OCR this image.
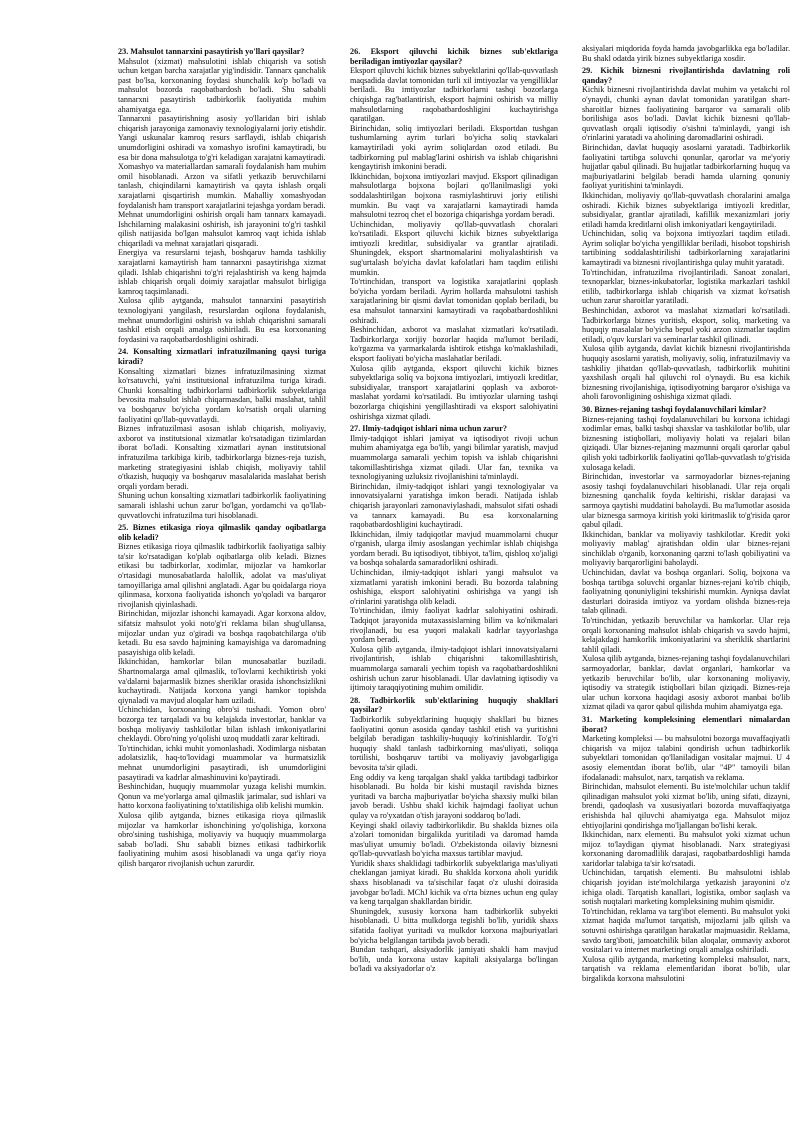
23. Mahsulot tannarxini pasaytirish yo'llari qaysilar?

Mahsulot (xizmat) mahsulotini ishlab chiqarish va sotish uchun ketgan barcha xarajatlar yig'indisidir. Tannarx qanchalik past bo'lsa, korxonaning foydasi shunchalik ko'p bo'ladi va mahsulot bozorda raqobatbardosh bo'ladi. Shu sababli tannarxni pasaytirish tadbirkorlik faoliyatida muhim ahamiyatga ega.

Tannarxni pasaytirishning asosiy yo'llaridan biri ishlab chiqarish jarayoniga zamonaviy texnologiyalarni joriy etishdir. Yangi uskunalar kamroq resurs sarflaydi, ishlab chiqarish unumdorligini oshiradi va xomashyo isrofini kamaytiradi, bu esa bir dona mahsulotga to'g'ri keladigan xarajatni kamaytiradi.

Xomashyo va materiallardan samarali foydalanish ham muhim omil hisoblanadi. Arzon va sifatli yetkazib beruvchilarni tanlash, chiqindilarni kamaytirish va qayta ishlash orqali xarajatlarni qisqartirish mumkin. Mahalliy xomashyodan foydalanish ham transport xarajatlarini tejashga yordam beradi.

Mehnat unumdorligini oshirish orqali ham tannarx kamayadi. Ishchilarning malakasini oshirish, ish jarayonini to'g'ri tashkil qilish natijasida bo'lgan mahsulot kamroq vaqt ichida ishlab chiqariladi va mehnat xarajatlari qisqaradi.

Energiya va resurslarni tejash, boshqaruv hamda tashkiliy xarajatlarni kamaytirish ham tannarxni pasaytirishga xizmat qiladi. Ishlab chiqarishni to'g'ri rejalashtirish va keng hajmda ishlab chiqarish orqali doimiy xarajatlar mahsulot birligiga kamroq taqsimlanadi.

Xulosa qilib aytganda, mahsulot tannarxini pasaytirish texnologiyani yangilash, resurslardan oqilona foydalanish, mehnat unumdorligini oshirish va ishlab chiqarishni samarali tashkil etish orqali amalga oshiriladi. Bu esa korxonaning foydasini va raqobatbardoshligini oshiradi.

24. Konsalting xizmatlari infratuzilmaning qaysi turiga kiradi?

Konsalting xizmatlari biznes infratuzilmasining xizmat ko'rsatuvchi, ya'ni institutsional infratuzilma turiga kiradi. Chunki konsalting tadbirkorlarni tadbirkorlik subyektlariga bevosita mahsulot ishlab chiqarmasdan, balki maslahat, tahlil va boshqaruv bo'yicha yordam ko'rsatish orqali ularning faoliyatini qo'llab-quvvatlaydi.

Biznes infratuzilmasi asosan ishlab chiqarish, moliyaviy, axborot va institutsional xizmatlar ko'rsatadigan tizimlardan iborat bo'ladi. Konsalting xizmatlari aynan institutsional infratuzilma tarkibiga kirib, tadbirkorlarga biznes-reja tuzish, marketing strategiyasini ishlab chiqish, moliyaviy tahlil o'tkazish, huquqiy va boshqaruv masalalarida maslahat berish orqali yordam beradi.

Shuning uchun konsalting xizmatlari tadbirkorlik faoliyatining samarali ishlashi uchun zarur bo'lgan, yordamchi va qo'llab-quvvatlovchi infratuzilma turi hisoblanadi.

25. Biznes etikasiga rioya qilmaslik qanday oqibatlarga olib keladi?

Biznes etikasiga rioya qilmaslik tadbirkorlik faoliyatiga salbiy ta'sir ko'rsatadigan ko'plab oqibatlarga olib keladi. Biznes etikasi bu tadbirkorlar, xodimlar, mijozlar va hamkorlar o'rtasidagi munosabatlarda halollik, adolat va mas'uliyat tamoyillariga amal qilishni anglatadi. Agar bu qoidalarga rioya qilinmasa, korxona faoliyatida ishonch yo'qoladi va barqaror rivojlanish qiyinlashadi.

Birinchidan, mijozlar ishonchi kamayadi. Agar korxona aldov, sifatsiz mahsulot yoki noto'g'ri reklama bilan shug'ullansa, mijozlar undan yuz o'giradi va boshqa raqobatchilarga o'tib ketadi. Bu esa savdo hajmining kamayishiga va daromadning pasayishiga olib keladi.

Ikkinchidan, hamkorlar bilan munosabatlar buziladi. Shartnomalarga amal qilmaslik, to'lovlarni kechiktirish yoki va'dalarni bajarmaslik biznes sheriklar orasida ishonchsizlikni kuchaytiradi. Natijada korxona yangi hamkor topishda qiynaladi va mavjud aloqalar ham uziladi.

Uchinchidan, korxonaning obro'si tushadi. Yomon obro' bozorga tez tarqaladi va bu kelajakda investorlar, banklar va boshqa moliyaviy tashkilotlar bilan ishlash imkoniyatlarini cheklaydi. Obro'ning yo'qolishi uzoq muddatli zarar keltiradi.

To'rtinchidan, ichki muhit yomonlashadi. Xodimlarga nisbatan adolatsizlik, haq-to'lovidagi muammolar va hurmatsizlik mehnat unumdorligini pasaytiradi, ish unumdorligini pasaytiradi va kadrlar almashinuvini ko'paytiradi.

Beshinchidan, huquqiy muammolar yuzaga kelishi mumkin. Qonun va me'yorlarga amal qilmaslik jarimalar, sud ishlari va hatto korxona faoliyatining to'xtatilishiga olib kelishi mumkin.

Xulosa qilib aytganda, biznes etikasiga rioya qilmaslik mijozlar va hamkorlar ishonchining yo'qolishiga, korxona obro'sining tushishiga, moliyaviy va huquqiy muammolarga sabab bo'ladi. Shu sababli biznes etikasi tadbirkorlik faoliyatining muhim asosi hisoblanadi va unga qat'iy rioya qilish barqaror rivojlanish uchun zarurdir.

26. Eksport qiluvchi kichik biznes sub'ektlariga beriladigan imtiyozlar qaysilar?

Eksport qiluvchi kichik biznes subyektlarini qo'llab-quvvatlash maqsadida davlat tomonidan turli xil imtiyozlar va yengilliklar beriladi. Bu imtiyozlar tadbirkorlarni tashqi bozorlarga chiqishga rag'batlantirish, eksport hajmini oshirish va milliy mahsulotlarning raqobatbardoshligini kuchaytirishga qaratilgan.

Birinchidan, soliq imtiyozlari beriladi. Eksportdan tushgan tushumlarning ayrim turlari bo'yicha soliq stavkalari kamaytiriladi yoki ayrim soliqlardan ozod etiladi. Bu tadbirkorning pul mablag'larini oshirish va ishlab chiqarishni kengaytirish imkonini beradi.

Ikkinchidan, bojxona imtiyozlari mavjud. Eksport qilinadigan mahsulotlarga bojxona bojlari qo'llanilmasligi yoki soddalashtirilgan bojxona rasmiylashtiruvi joriy etilishi mumkin. Bu vaqt va xarajatlarni kamaytiradi hamda mahsulotni tezroq chet el bozoriga chiqarishga yordam beradi.

Uchinchidan, moliyaviy qo'llab-quvvatlash choralari ko'rsatiladi. Eksport qiluvchi kichik biznes subyektlariga imtiyozli kreditlar, subsidiyalar va grantlar ajratiladi. Shuningdek, eksport shartnomalarini moliyalashtirish va sug'urtalash bo'yicha davlat kafolatlari ham taqdim etilishi mumkin.

To'rtinchidan, transport va logistika xarajatlarini qoplash bo'yicha yordam beriladi. Ayrim hollarda mahsulotni tashish xarajatlarining bir qismi davlat tomonidan qoplab beriladi, bu esa mahsulot tannarxini kamaytiradi va raqobatbardoshlikni oshiradi.

Beshinchidan, axborot va maslahat xizmatlari ko'rsatiladi. Tadbirkorlarga xorijiy bozorlar haqida ma'lumot beriladi, ko'rgazma va yarmarkalarda ishtirok etishga ko'maklashiladi, eksport faoliyati bo'yicha maslahatlar beriladi.

Xulosa qilib aytganda, eksport qiluvchi kichik biznes subyektlariga soliq va bojxona imtiyozlari, imtiyozli kreditlar, subsidiyalar, transport xarajatlarini qoplash va axborot-maslahat yordami ko'rsatiladi. Bu imtiyozlar ularning tashqi bozorlarga chiqishini yengillashtiradi va eksport salohiyatini oshirishga xizmat qiladi.

27. Ilmiy-tadqiqot ishlari nima uchun zarur?

Ilmiy-tadqiqot ishlari jamiyat va iqtisodiyot rivoji uchun muhim ahamiyatga ega bo'lib, yangi bilimlar yaratish, mavjud muammolarga samarali yechim topish va ishlab chiqarishni takomillashtirishga xizmat qiladi. Ular fan, texnika va texnologiyaning uzluksiz rivojlanishini ta'minlaydi.

Birinchidan, ilmiy-tadqiqot ishlari yangi texnologiyalar va innovatsiyalarni yaratishga imkon beradi. Natijada ishlab chiqarish jarayonlari zamonaviylashadi, mahsulot sifati oshadi va tannarx kamayadi. Bu esa korxonalarning raqobatbardoshligini kuchaytiradi.

Ikkinchidan, ilmiy tadqiqotlar mavjud muammolarni chuqur o'rganish, ularga ilmiy asoslangan yechimlar ishlab chiqishga yordam beradi. Bu iqtisodiyot, tibbiyot, ta'lim, qishloq xo'jaligi va boshqa sohalarda samaradorlikni oshiradi.

Uchinchidan, ilmiy-tadqiqot ishlari yangi mahsulot va xizmatlarni yaratish imkonini beradi. Bu bozorda talabning oshishiga, eksport salohiyatini oshirishga va yangi ish o'rinlarini yaratishga olib keladi.

To'rtinchidan, ilmiy faoliyat kadrlar salohiyatini oshiradi. Tadqiqot jarayonida mutaxassislarning bilim va ko'nikmalari rivojlanadi, bu esa yuqori malakali kadrlar tayyorlashga yordam beradi.

Xulosa qilib aytganda, ilmiy-tadqiqot ishlari innovatsiyalarni rivojlantirish, ishlab chiqarishni takomillashtirish, muammolarga samarali yechim topish va raqobatbardoshlikni oshirish uchun zarur hisoblanadi. Ular davlatning iqtisodiy va ijtimoiy taraqqiyotining muhim omilidir.

28. Tadbirkorlik sub'ektlarining huquqiy shakllari qaysilar?

Tadbirkorlik subyektlarining huquqiy shakllari bu biznes faoliyatini qonun asosida qanday tashkil etish va yuritishni belgilab beradigan tashkiliy-huquqiy ko'rinishlardir. To'g'ri huquqiy shakl tanlash tadbirkorning mas'uliyati, soliqqa tortilishi, boshqaruv tartibi va moliyaviy javobgarligiga bevosita ta'sir qiladi.

Eng oddiy va keng tarqalgan shakl yakka tartibdagi tadbirkor hisoblanadi. Bu holda bir kishi mustaqil ravishda biznes yuritadi va barcha majburiyatlar bo'yicha shaxsiy mulki bilan javob beradi. Ushbu shakl kichik hajmdagi faoliyat uchun qulay va ro'yxatdan o'tish jarayoni soddaroq bo'ladi.

Keyingi shakl oilaviy tadbirkorlikdir. Bu shaklda biznes oila a'zolari tomonidan birgalikda yuritiladi va daromad hamda mas'uliyat umumiy bo'ladi. O'zbekistonda oilaviy biznesni qo'llab-quvvatlash bo'yicha maxsus tartiblar mavjud.

Yuridik shaxs shaklidagi tadbirkorlik subyektlariga mas'uliyati cheklangan jamiyat kiradi. Bu shaklda korxona aholi yuridik shaxs hisoblanadi va ta'sischilar faqat o'z ulushi doirasida javobgar bo'ladi. MChJ kichik va o'rta biznes uchun eng qulay va keng tarqalgan shakllardan biridir.

Shuningdek, xususiy korxona ham tadbirkorlik subyekti hisoblanadi. U bitta mulkdorga tegishli bo'lib, yuridik shaxs sifatida faoliyat yuritadi va mulkdor korxona majburiyatlari bo'yicha belgilangan tartibda javob beradi.

Bundan tashqari, aksiyadorlik jamiyati shakli ham mavjud bo'lib, unda korxona ustav kapitali aksiyalarga bo'lingan bo'ladi va aksiyadorlar o'z

aksiyalari miqdorida foyda hamda javobgarlikka ega bo'ladilar. Bu shakl odatda yirik biznes subyektlariga xosdir.

29. Kichik biznesni rivojlantirishda davlatning roli qanday?

Kichik biznesni rivojlantirishda davlat muhim va yetakchi rol o'ynaydi, chunki aynan davlat tomonidan yaratilgan shart-sharoitlar biznes faoliyatining barqaror va samarali olib borilishiga asos bo'ladi. Davlat kichik biznesni qo'llab-quvvatlash orqali iqtisodiy o'sishni ta'minlaydi, yangi ish o'rinlarini yaratadi va aholining daromadlarini oshiradi.

Birinchidan, davlat huquqiy asoslarni yaratadi. Tadbirkorlik faoliyatini tartibga soluvchi qonunlar, qarorlar va me'yoriy hujjatlar qabul qilinadi. Bu hujjatlar tadbirkorlarning huquq va majburiyatlarini belgilab beradi hamda ularning qonuniy faoliyat yuritishini ta'minlaydi.

Ikkinchidan, moliyaviy qo'llab-quvvatlash choralarini amalga oshiradi. Kichik biznes subyektlariga imtiyozli kreditlar, subsidiyalar, grantlar ajratiladi, kafillik mexanizmlari joriy etiladi hamda kreditlarni olish imkoniyatlari kengaytiriladi.

Uchinchidan, soliq va bojxona imtiyozlari taqdim etiladi. Ayrim soliqlar bo'yicha yengilliklar beriladi, hisobot topshirish tartibining soddalashtirilishi tadbirkorlarning xarajatlarini kamaytiradi va biznesni rivojlantirishga qulay muhit yaratadi.

To'rtinchidan, infratuzilma rivojlantiriladi. Sanoat zonalari, texnoparklar, biznes-inkubatorlar, logistika markazlari tashkil etilib, tadbirkorlarga ishlab chiqarish va xizmat ko'rsatish uchun zarur sharoitlar yaratiladi.

Beshinchidan, axborot va maslahat xizmatlari ko'rsatiladi. Tadbirkorlarga biznes yuritish, eksport, soliq, marketing va huquqiy masalalar bo'yicha bepul yoki arzon xizmatlar taqdim etiladi, o'quv kurslari va seminarlar tashkil qilinadi.

Xulosa qilib aytganda, davlat kichik biznesni rivojlantirishda huquqiy asoslarni yaratish, moliyaviy, soliq, infratuzilmaviy va tashkiliy jihatdan qo'llab-quvvatlash, tadbirkorlik muhitini yaxshilash orqali hal qiluvchi rol o'ynaydi. Bu esa kichik biznesning rivojlanishiga, iqtisodiyotning barqaror o'sishiga va aholi farovonligining oshishiga xizmat qiladi.

30. Biznes-rejaning tashqi foydalanuvchilari kimlar?

Biznes-rejaning tashqi foydalanuvchilari bu korxona ichidagi xodimlar emas, balki tashqi shaxslar va tashkilotlar bo'lib, ular biznesning istiqbollari, moliyaviy holati va rejalari bilan qiziqadi. Ular biznes-rejaning mazmunni orqali qarorlar qabul qilish yoki tadbirkorlik faoliyatini qo'llab-quvvatlash to'g'risida xulosaga keladi.

Birinchidan, investorlar va sarmoyadorlar biznes-rejaning asosiy tashqi foydalanuvchilari hisoblanadi. Ular reja orqali biznesning qanchalik foyda keltirishi, risklar darajasi va sarmoya qaytishi muddatini baholaydi. Bu ma'lumotlar asosida ular biznesga sarmoya kiritish yoki kiritmaslik to'g'risida qaror qabul qiladi.

Ikkinchidan, banklar va moliyaviy tashkilotlar. Kredit yoki moliyaviy mablag' ajratishdan oldin ular biznes-rejani sinchiklab o'rganib, korxonaning qarzni to'lash qobiliyatini va moliyaviy barqarorligini baholaydi.

Uchinchidan, davlat va boshqa organlari. Soliq, bojxona va boshqa tartibga soluvchi organlar biznes-rejani ko'rib chiqib, faoliyatning qonuniyligini tekshirishi mumkin. Ayniqsa davlat dasturlari doirasida imtiyoz va yordam olishda biznes-reja talab qilinadi.

To'rtinchidan, yetkazib beruvchilar va hamkorlar. Ular reja orqali korxonaning mahsulot ishlab chiqarish va savdo hajmi, kelajakdagi hamkorlik imkoniyatlarini va sheriklik shartlarini tahlil qiladi.

Xulosa qilib aytganda, biznes-rejaning tashqi foydalanuvchilari sarmoyadorlar, banklar, davlat organlari, hamkorlar va yetkazib beruvchilar bo'lib, ular korxonaning moliyaviy, iqtisodiy va strategik istiqbollari bilan qiziqadi. Biznes-reja ular uchun korxona haqidagi asosiy axborot manbai bo'lib xizmat qiladi va qaror qabul qilishda muhim ahamiyatga ega.

31. Marketing kompleksining elementlari nimalardan iborat?

Marketing kompleksi — bu mahsulotni bozorga muvaffaqiyatli chiqarish va mijoz talabini qondirish uchun tadbirkorlik subyektlari tomonidan qo'llaniladigan vositalar majmui. U 4 asosiy elementdan iborat bo'lib, ular "4P" tamoyili bilan ifodalanadi: mahsulot, narx, tarqatish va reklama.

Birinchidan, mahsulot elementi. Bu iste'molchilar uchun taklif qilinadigan mahsulot yoki xizmat bo'lib, uning sifati, dizayni, brendi, qadoqlash va xususiyatlari bozorda muvaffaqiyatga erishishda hal qiluvchi ahamiyatga ega. Mahsulot mijoz ehtiyojlarini qondirishga mo'ljallangan bo'lishi kerak.

Ikkinchidan, narx elementi. Bu mahsulot yoki xizmat uchun mijoz to'laydigan qiymat hisoblanadi. Narx strategiyasi korxonaning daromadlilik darajasi, raqobatbardoshligi hamda xaridorlar talabiga ta'sir ko'rsatadi.

Uchinchidan, tarqatish elementi. Bu mahsulotni ishlab chiqarish joyidan iste'molchilarga yetkazish jarayonini o'z ichiga oladi. Tarqatish kanallari, logistika, ombor saqlash va sotish nuqtalari marketing kompleksining muhim qismidir.

To'rtinchidan, reklama va targ'ibot elementi. Bu mahsulot yoki xizmat haqida ma'lumot tarqatish, mijozlarni jalb qilish va sotuvni oshirishga qaratilgan harakatlar majmuasidir. Reklama, savdo targ'iboti, jamoatchilik bilan aloqalar, ommaviy axborot vositalari va internet marketingi orqali amalga oshiriladi.

Xulosa qilib aytganda, marketing kompleksi mahsulot, narx, tarqatish va reklama elementlaridan iborat bo'lib, ular birgalikda korxona mahsulotini
